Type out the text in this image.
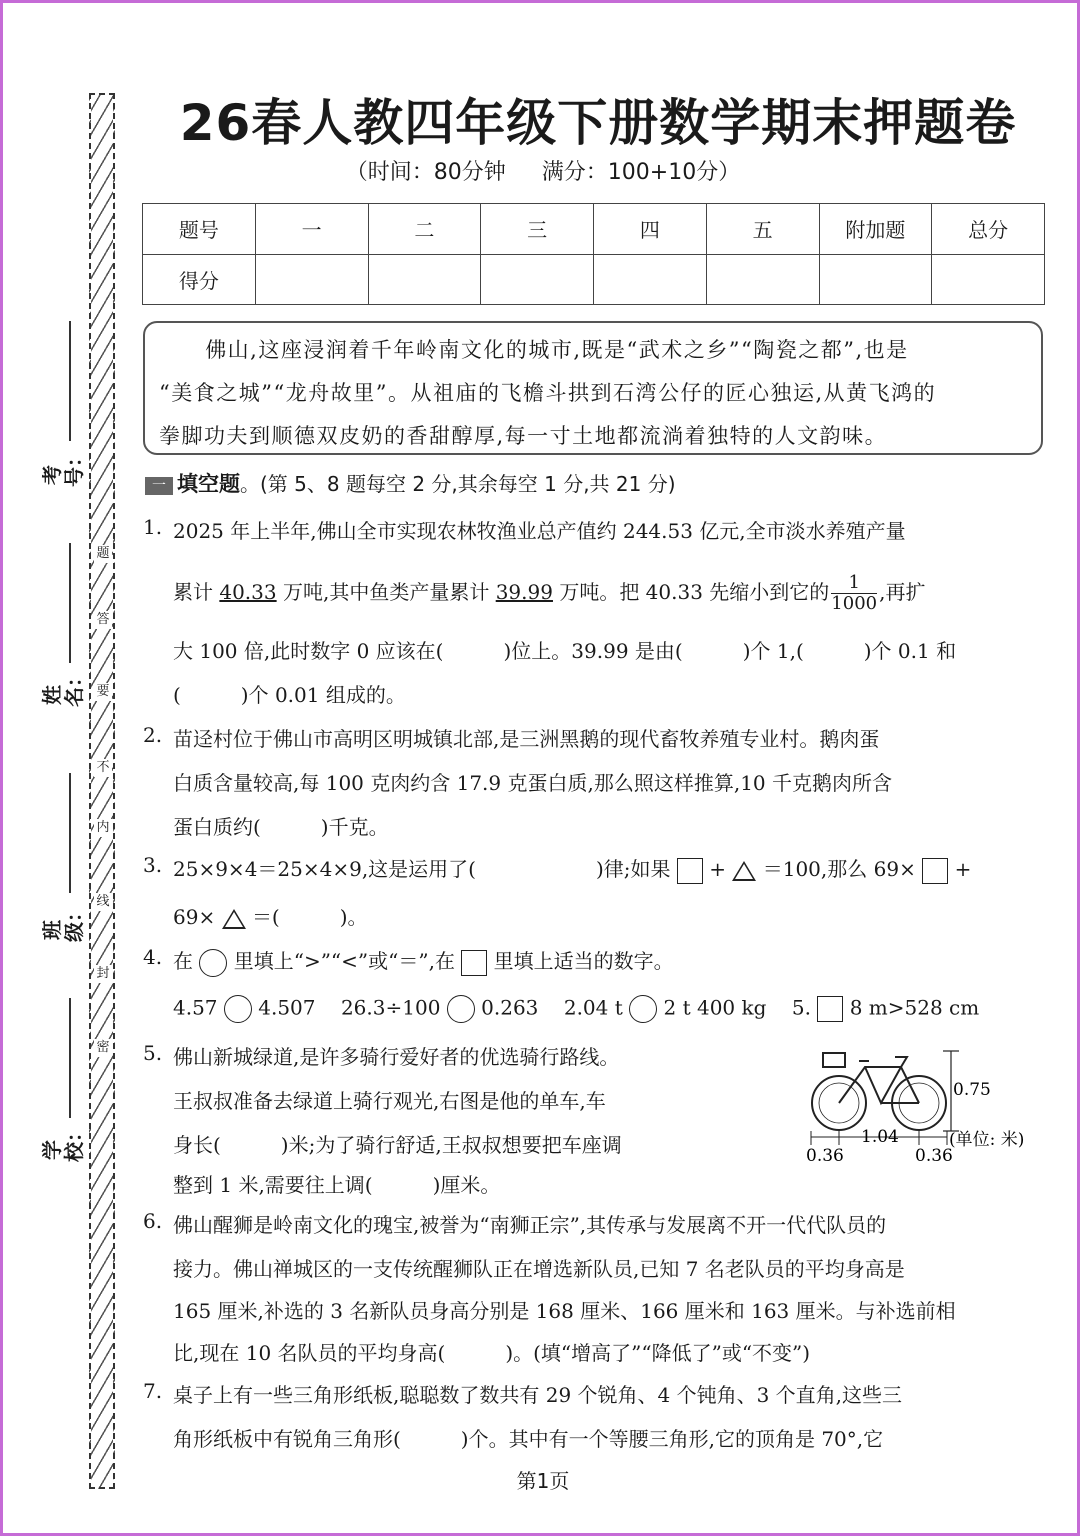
题
答
要
不
内
线
封
密
考号：
姓名：
班级：
学校：
26春人教四年级下册数学期末押题卷
（时间：80分钟 满分：100+10分）
题号	一	二	三	四	五	附加题	总分
得分							

佛山,这座浸润着千年岭南文化的城市,既是“武术之乡”“陶瓷之都”,也是

“美食之城”“龙舟故里”。从祖庙的飞檐斗拱到石湾公仔的匠心独运,从黄飞鸿的
拳脚功夫到顺德双皮奶的香甜醇厚,每一寸土地都流淌着独特的人文韵味。
一 填空题。(第 5、8 题每空 2 分,其余每空 1 分,共 21 分)
1. 2025 年上半年,佛山全市实现农林牧渔业总产值约 244.53 亿元,全市淡水养殖产量
累计 40.33 万吨,其中鱼类产量累计 39.99 万吨。把 40.33 先缩小到它的 $\frac{1}{1000}$ ,再扩
大 100 倍,此时数字 0 应该在(　　　)位上。39.99 是由(　　　)个 1,(　　　)个 0.1 和
(　　　)个 0.01 组成的。
2. 苗迳村位于佛山市高明区明城镇北部,是三洲黑鹅的现代畜牧养殖专业村。鹅肉蛋
白质含量较高,每 100 克肉约含 17.9 克蛋白质,那么照这样推算,10 千克鹅肉所含
蛋白质约(　　　)千克。
3. 25×9×4＝25×4×9,这是运用了(　　　　　　)律;如果 + ＝100,那么 69× +
69× ＝(　　　)。
4. 在 里填上“>”“<”或“＝”,在 里填上适当的数字。
4.57 4.507 26.3÷100 0.263 2.04 t 2 t 400 kg 5. 8 m>528 cm
5. 佛山新城绿道,是许多骑行爱好者的优选骑行路线。
王叔叔准备去绿道上骑行观光,右图是他的单车,车
身长(　　　)米;为了骑行舒适,王叔叔想要把车座调
整到 1 米,需要往上调(　　　)厘米。
0.75
1.04
0.36	0.36
(单位: 米)
6. 佛山醒狮是岭南文化的瑰宝,被誉为“南狮正宗”,其传承与发展离不开一代代队员的
接力。佛山禅城区的一支传统醒狮队正在增选新队员,已知 7 名老队员的平均身高是
165 厘米,补选的 3 名新队员身高分别是 168 厘米、166 厘米和 163 厘米。与补选前相
比,现在 10 名队员的平均身高(　　　)。(填“增高了”“降低了”或“不变”)
7. 桌子上有一些三角形纸板,聪聪数了数共有 29 个锐角、4 个钝角、3 个直角,这些三
角形纸板中有锐角三角形(　　　)个。其中有一个等腰三角形,它的顶角是 70°,它
第1页
